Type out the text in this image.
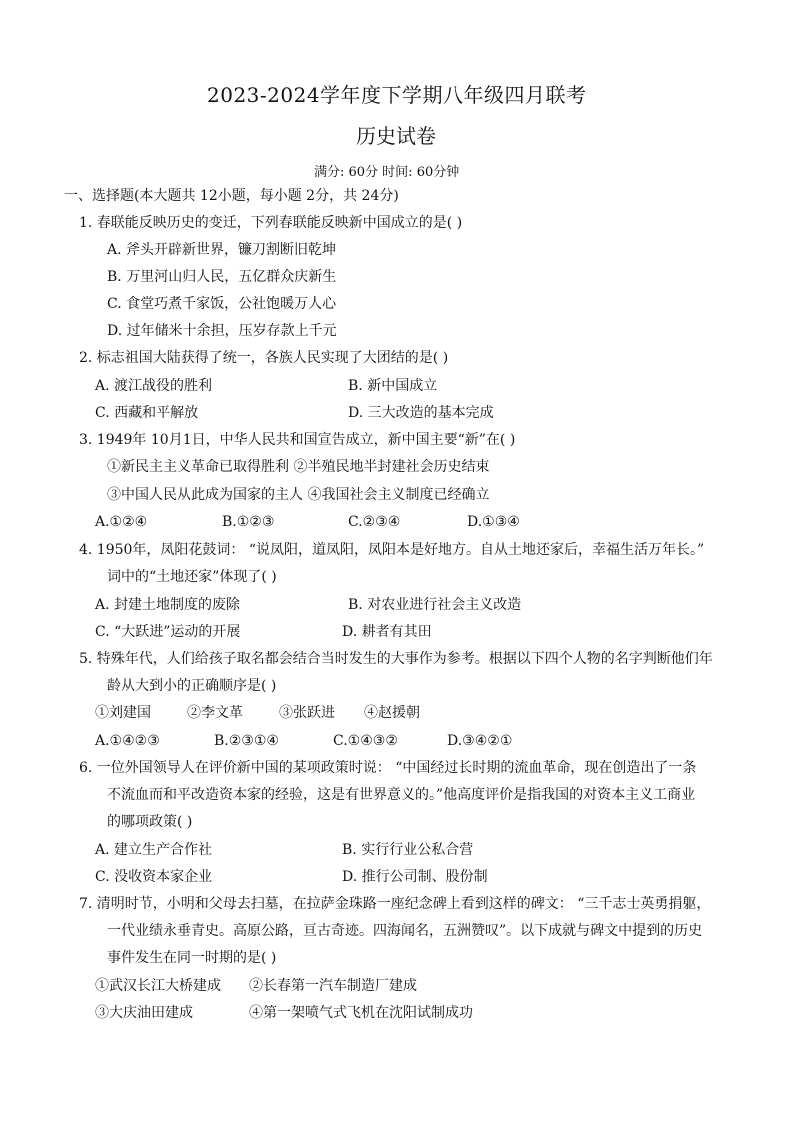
2023-2024学年度下学期八年级四月联考
历史试卷
满分: 60分 时间: 60分钟
一、选择题(本大题共 12小题，每小题 2分，共 24分)
1. 春联能反映历史的变迁，下列春联能反映新中国成立的是( )
A. 斧头开辟新世界，镰刀割断旧乾坤
B. 万里河山归人民，五亿群众庆新生
C. 食堂巧煮千家饭，公社饱暖万人心
D. 过年储米十余担，压岁存款上千元
2. 标志祖国大陆获得了统一，各族人民实现了大团结的是( )
A. 渡江战役的胜利	B. 新中国成立
C. 西藏和平解放	D. 三大改造的基本完成
3. 1949年 10月1日，中华人民共和国宣告成立，新中国主要“新”在( )
①新民主主义革命已取得胜利 ②半殖民地半封建社会历史结束
③中国人民从此成为国家的主人 ④我国社会主义制度已经确立
A.①②④	B.①②③	C.②③④	D.①③④
4. 1950年，凤阳花鼓词： “说凤阳，道凤阳，凤阳本是好地方。自从土地还家后，幸福生活万年长。”
词中的“土地还家”体现了( )
A. 封建土地制度的废除	B. 对农业进行社会主义改造
C. “大跃进”运动的开展	D. 耕者有其田
5. 特殊年代，人们给孩子取名都会结合当时发生的大事作为参考。根据以下四个人物的名字判断他们年
龄从大到小的正确顺序是( )
①刘建国	②李文革	③张跃进 ④赵援朝
A.①④②③	B.②③①④	C.①④③②	D.③④②①
6. 一位外国领导人在评价新中国的某项政策时说： “中国经过长时期的流血革命，现在创造出了一条
不流血而和平改造资本家的经验，这是有世界意义的。”他高度评价是指我国的对资本主义工商业
的哪项政策( )
A. 建立生产合作社	B. 实行行业公私合营
C. 没收资本家企业	D. 推行公司制、股份制
7. 清明时节，小明和父母去扫墓，在拉萨金珠路一座纪念碑上看到这样的碑文： “三千志士英勇捐躯，
一代业绩永垂青史。高原公路，亘古奇迹。四海闻名，五洲赞叹”。以下成就与碑文中提到的历史
事件发生在同一时期的是( )
①武汉长江大桥建成 ②长春第一汽车制造厂建成
③大庆油田建成	④第一架喷气式飞机在沈阳试制成功
